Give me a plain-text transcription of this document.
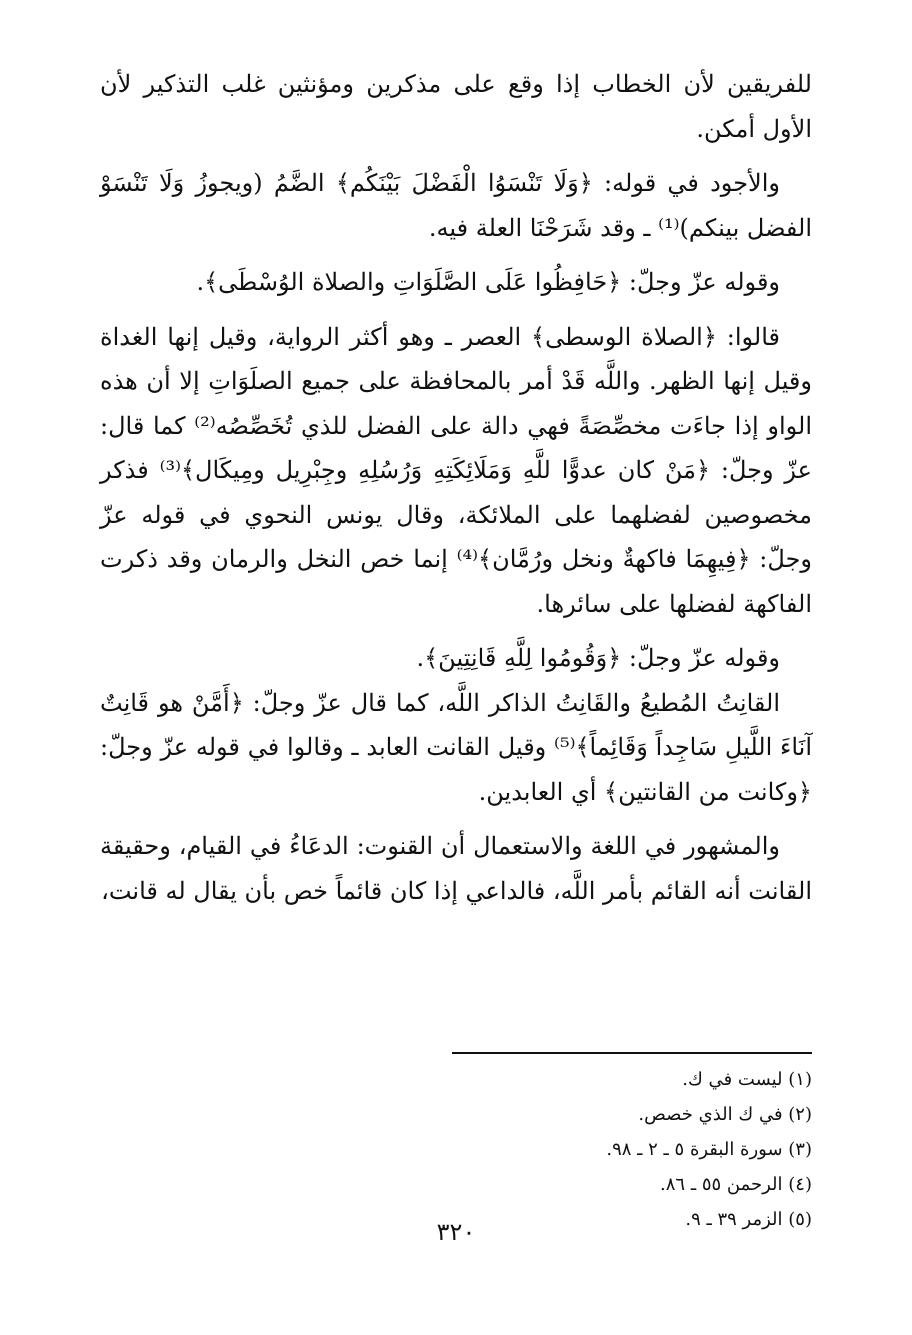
للفريقين لأن الخطاب إذا وقع على مذكرين ومؤنثين غلب التذكير لأن الأول أمكن.

والأجود في قوله: ﴿وَلَا تَنْسَوُا الْفَضْلَ بَيْنَكُم﴾ الضَّمُ (ويجوزُ وَلَا تَنْسَوْ الفضل بينكم)⁽¹⁾ ـ وقد شَرَحْنَا العلة فيه.

وقوله عزّ وجلّ: ﴿حَافِظُوا عَلَى الصَّلَوَاتِ والصلاة الوُسْطَى﴾.

قالوا: ﴿الصلاة الوسطى﴾ العصر ـ وهو أكثر الرواية، وقيل إنها الغداة وقيل إنها الظهر. واللَّه قَدْ أمر بالمحافظة على جميع الصلَوَاتِ إلا أن هذه الواو إذا جاءَت مخصِّصَةً فهي دالة على الفضل للذي تُخَصِّصُه⁽²⁾ كما قال: عزّ وجلّ: ﴿مَنْ كان عدوًّا للَّهِ وَمَلَائِكَتِهِ وَرُسُلِهِ وجِبْرِيل ومِيكَال﴾⁽³⁾ فذكر مخصوصين لفضلهما على الملائكة، وقال يونس النحوي في قوله عزّ وجلّ: ﴿فِيهِمَا فاكهةٌ ونخل ورُمَّان﴾⁽⁴⁾ إنما خص النخل والرمان وقد ذكرت الفاكهة لفضلها على سائرها.

وقوله عزّ وجلّ: ﴿وَقُومُوا لِلَّهِ قَانِتِينَ﴾.

القانِتُ المُطيعُ والقَانِتُ الذاكر اللَّه، كما قال عزّ وجلّ: ﴿أَمَّنْ هو قَانِتٌ آنَاءَ اللَّيلِ سَاجِداً وَقَائِماً﴾⁽⁵⁾ وقيل القانت العابد ـ وقالوا في قوله عزّ وجلّ: ﴿وكانت من القانتين﴾ أي العابدين.

والمشهور في اللغة والاستعمال أن القنوت: الدعَاءُ في القيام، وحقيقة القانت أنه القائم بأمر اللَّه، فالداعي إذا كان قائماً خص بأن يقال له قانت،

(١) ليست في ك.
(٢) في ك الذي خصص.
(٣) سورة البقرة ٥ ـ ٢ ـ ٩٨.
(٤) الرحمن ٥٥ ـ ٨٦.
(٥) الزمر ٣٩ ـ ٩.
٣٢٠
